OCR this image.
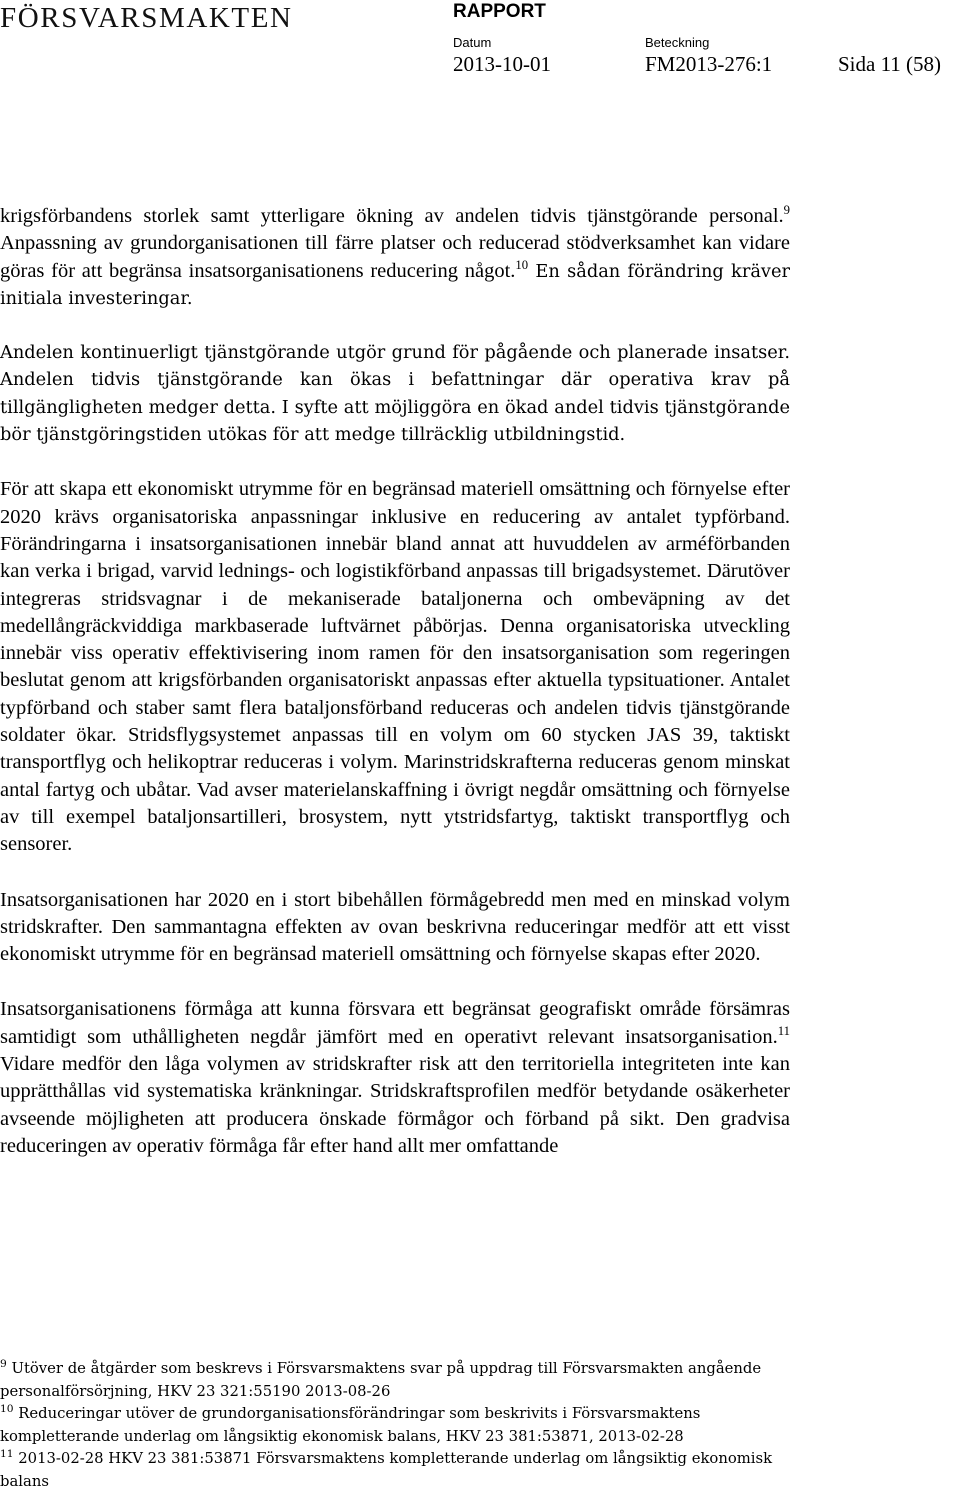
FÖRSVARSMAKTEN	RAPPORT
Datum	Beteckning
2013-10-01	FM2013-276:1	Sida 11 (58)

krigsförbandens storlek samt ytterligare ökning av andelen tidvis tjänstgörande personal.$^9$ Anpassning av grundorganisationen till färre platser och reducerad stödverksamhet kan vidare göras för att begränsa insatsorganisationens reducering något.$^{10}$ En sådan förändring kräver initiala investeringar.

Andelen kontinuerligt tjänstgörande utgör grund för pågående och planerade insatser. Andelen tidvis tjänstgörande kan ökas i befattningar där operativa krav på tillgängligheten medger detta. I syfte att möjliggöra en ökad andel tidvis tjänstgörande bör tjänstgöringstiden utökas för att medge tillräcklig utbildningstid.

För att skapa ett ekonomiskt utrymme för en begränsad materiell omsättning och förnyelse efter 2020 krävs organisatoriska anpassningar inklusive en reducering av antalet typförband. Förändringarna i insatsorganisationen innebär bland annat att huvuddelen av arméförbanden kan verka i brigad, varvid lednings- och logistikförband anpassas till brigadsystemet. Därutöver integreras stridsvagnar i de mekaniserade bataljonerna och ombeväpning av det medellångräckviddiga markbaserade luftvärnet påbörjas. Denna organisatoriska utveckling innebär viss operativ effektivisering inom ramen för den insatsorganisation som regeringen beslutat genom att krigsförbanden organisatoriskt anpassas efter aktuella typsituationer. Antalet typförband och staber samt flera bataljonsförband reduceras och andelen tidvis tjänstgörande soldater ökar. Stridsflygsystemet anpassas till en volym om 60 stycken JAS 39, taktiskt transportflyg och helikoptrar reduceras i volym. Marinstridskrafterna reduceras genom minskat antal fartyg och ubåtar. Vad avser materielanskaffning i övrigt negdår omsättning och förnyelse av till exempel bataljonsartilleri, brosystem, nytt ytstridsfartyg, taktiskt transportflyg och sensorer.

Insatsorganisationen har 2020 en i stort bibehållen förmågebredd men med en minskad volym stridskrafter. Den sammantagna effekten av ovan beskrivna reduceringar medför att ett visst ekonomiskt utrymme för en begränsad materiell omsättning och förnyelse skapas efter 2020.

Insatsorganisationens förmåga att kunna försvara ett begränsat geografiskt område försämras samtidigt som uthålligheten negdår jämfört med en operativt relevant insatsorganisation.$^{11}$ Vidare medför den låga volymen av stridskrafter risk att den territoriella integriteten inte kan upprätthållas vid systematiska kränkningar. Stridskraftsprofilen medför betydande osäkerheter avseende möjligheten att producera önskade förmågor och förband på sikt. Den gradvisa reduceringen av operativ förmåga får efter hand allt mer omfattande

$^9$ Utöver de åtgärder som beskrevs i Försvarsmaktens svar på uppdrag till Försvarsmakten angående personalförsörjning, HKV 23 321:55190 2013-08-26

$^{10}$ Reduceringar utöver de grundorganisationsförändringar som beskrivits i Försvarsmaktens kompletterande underlag om långsiktig ekonomisk balans, HKV 23 381:53871, 2013-02-28

$^{11}$ 2013-02-28 HKV 23 381:53871 Försvarsmaktens kompletterande underlag om långsiktig ekonomisk balans
